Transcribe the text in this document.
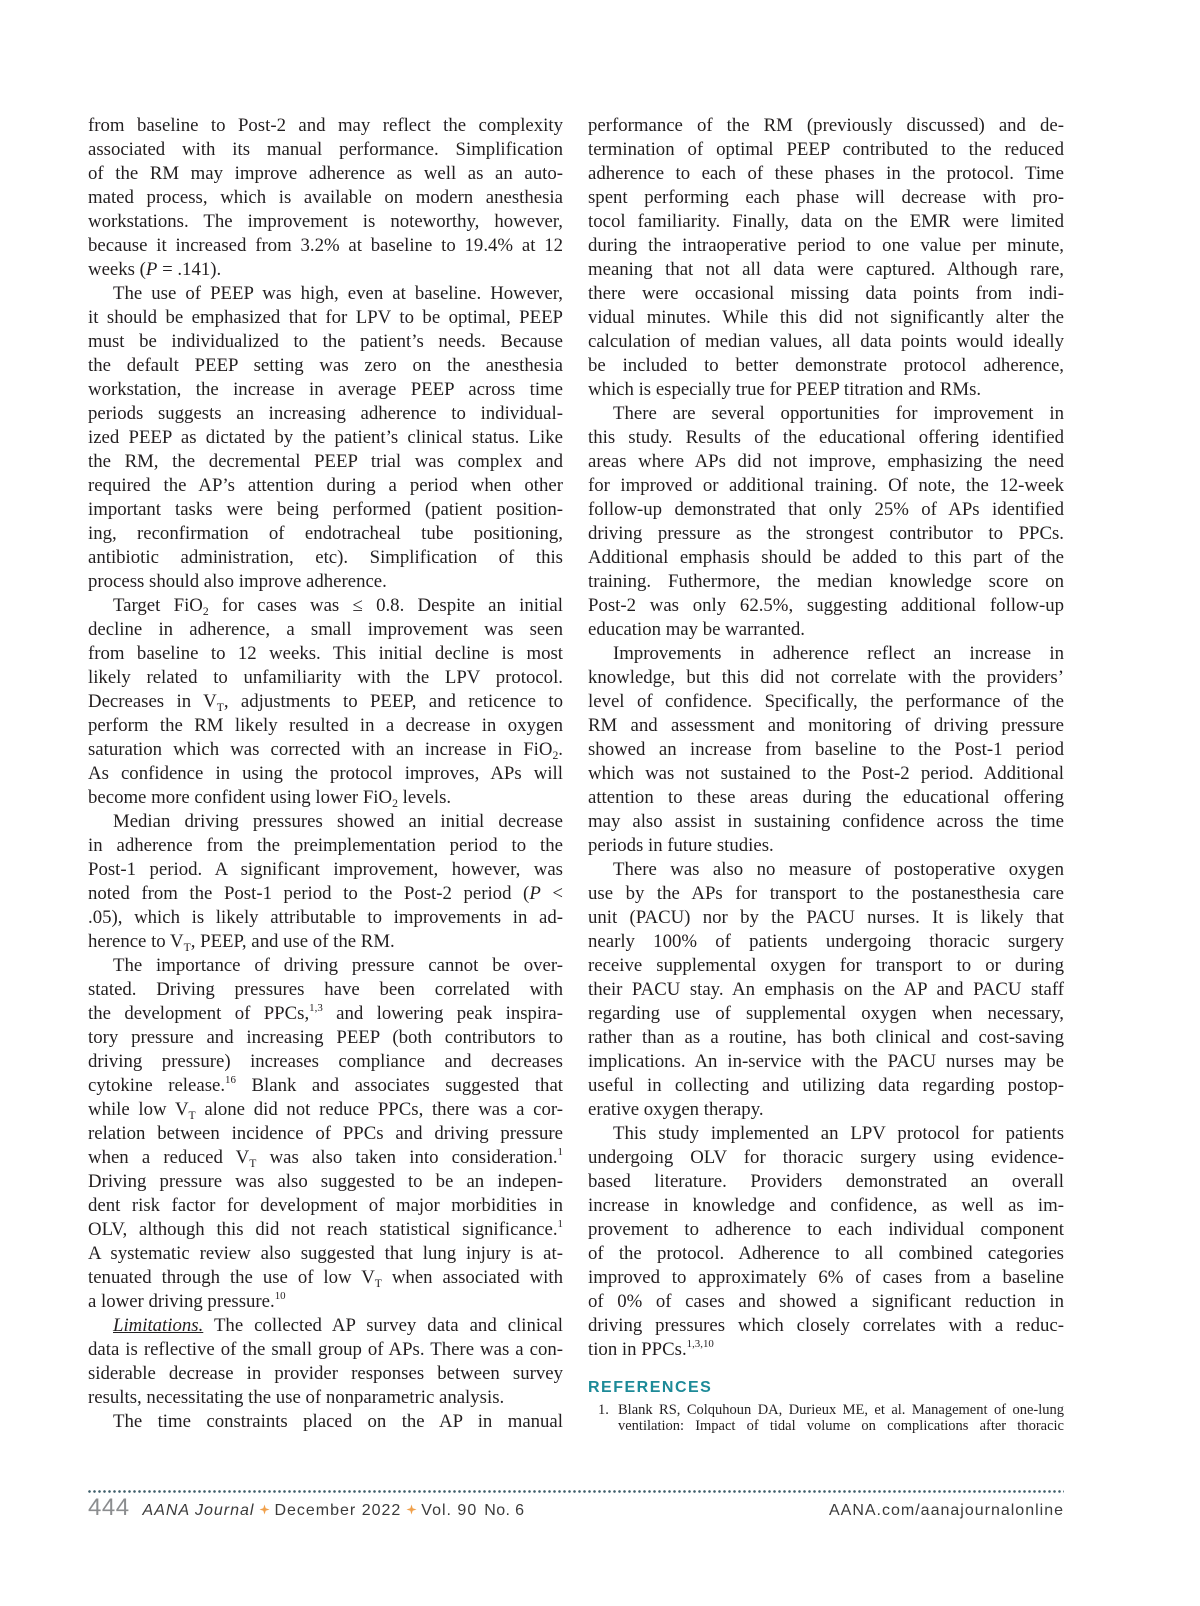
from baseline to Post-2 and may reflect the complexity
associated with its manual performance. Simplification
of the RM may improve adherence as well as an auto-
mated process, which is available on modern anesthesia
workstations. The improvement is noteworthy, however,
because it increased from 3.2% at baseline to 19.4% at 12
weeks (P = .141).
The use of PEEP was high, even at baseline. However,
it should be emphasized that for LPV to be optimal, PEEP
must be individualized to the patient’s needs. Because
the default PEEP setting was zero on the anesthesia
workstation, the increase in average PEEP across time
periods suggests an increasing adherence to individual-
ized PEEP as dictated by the patient’s clinical status. Like
the RM, the decremental PEEP trial was complex and
required the AP’s attention during a period when other
important tasks were being performed (patient position-
ing, reconfirmation of endotracheal tube positioning,
antibiotic administration, etc). Simplification of this
process should also improve adherence.
Target FiO$_2$ for cases was ≤ 0.8. Despite an initial
decline in adherence, a small improvement was seen
from baseline to 12 weeks. This initial decline is most
likely related to unfamiliarity with the LPV protocol.
Decreases in $V_T$, adjustments to PEEP, and reticence to
perform the RM likely resulted in a decrease in oxygen
saturation which was corrected with an increase in FiO$_2$.
As confidence in using the protocol improves, APs will
become more confident using lower FiO$_2$ levels.
Median driving pressures showed an initial decrease
in adherence from the preimplementation period to the
Post-1 period. A significant improvement, however, was
noted from the Post-1 period to the Post-2 period (P <
.05), which is likely attributable to improvements in ad-
herence to $V_T$, PEEP, and use of the RM.
The importance of driving pressure cannot be over-
stated. Driving pressures have been correlated with
the development of PPCs,$^{1,3}$ and lowering peak inspira-
tory pressure and increasing PEEP (both contributors to
driving pressure) increases compliance and decreases
cytokine release.$^{16}$ Blank and associates suggested that
while low $V_T$ alone did not reduce PPCs, there was a cor-
relation between incidence of PPCs and driving pressure
when a reduced $V_T$ was also taken into consideration.$^1$
Driving pressure was also suggested to be an indepen-
dent risk factor for development of major morbidities in
OLV, although this did not reach statistical significance.$^1$
A systematic review also suggested that lung injury is at-
tenuated through the use of low $V_T$ when associated with
a lower driving pressure.$^{10}$
Limitations. The collected AP survey data and clinical
data is reflective of the small group of APs. There was a con-
siderable decrease in provider responses between survey
results, necessitating the use of nonparametric analysis.
The time constraints placed on the AP in manual
performance of the RM (previously discussed) and de-
termination of optimal PEEP contributed to the reduced
adherence to each of these phases in the protocol. Time
spent performing each phase will decrease with pro-
tocol familiarity. Finally, data on the EMR were limited
during the intraoperative period to one value per minute,
meaning that not all data were captured. Although rare,
there were occasional missing data points from indi-
vidual minutes. While this did not significantly alter the
calculation of median values, all data points would ideally
be included to better demonstrate protocol adherence,
which is especially true for PEEP titration and RMs.
There are several opportunities for improvement in
this study. Results of the educational offering identified
areas where APs did not improve, emphasizing the need
for improved or additional training. Of note, the 12-week
follow-up demonstrated that only 25% of APs identified
driving pressure as the strongest contributor to PPCs.
Additional emphasis should be added to this part of the
training. Futhermore, the median knowledge score on
Post-2 was only 62.5%, suggesting additional follow-up
education may be warranted.
Improvements in adherence reflect an increase in
knowledge, but this did not correlate with the providers’
level of confidence. Specifically, the performance of the
RM and assessment and monitoring of driving pressure
showed an increase from baseline to the Post-1 period
which was not sustained to the Post-2 period. Additional
attention to these areas during the educational offering
may also assist in sustaining confidence across the time
periods in future studies.
There was also no measure of postoperative oxygen
use by the APs for transport to the postanesthesia care
unit (PACU) nor by the PACU nurses. It is likely that
nearly 100% of patients undergoing thoracic surgery
receive supplemental oxygen for transport to or during
their PACU stay. An emphasis on the AP and PACU staff
regarding use of supplemental oxygen when necessary,
rather than as a routine, has both clinical and cost-saving
implications. An in-service with the PACU nurses may be
useful in collecting and utilizing data regarding postop-
erative oxygen therapy.
This study implemented an LPV protocol for patients
undergoing OLV for thoracic surgery using evidence-
based literature. Providers demonstrated an overall
increase in knowledge and confidence, as well as im-
provement to adherence to each individual component
of the protocol. Adherence to all combined categories
improved to approximately 6% of cases from a baseline
of 0% of cases and showed a significant reduction in
driving pressures which closely correlates with a reduc-
tion in PPCs.$^{1,3,10}$
REFERENCES
1. Blank RS, Colquhoun DA, Durieux ME, et al. Management of one-lung
ventilation: Impact of tidal volume on complications after thoracic
444 AANA Journal December 2022 Vol. 90 No. 6	AANA.com/aanajournalonline
